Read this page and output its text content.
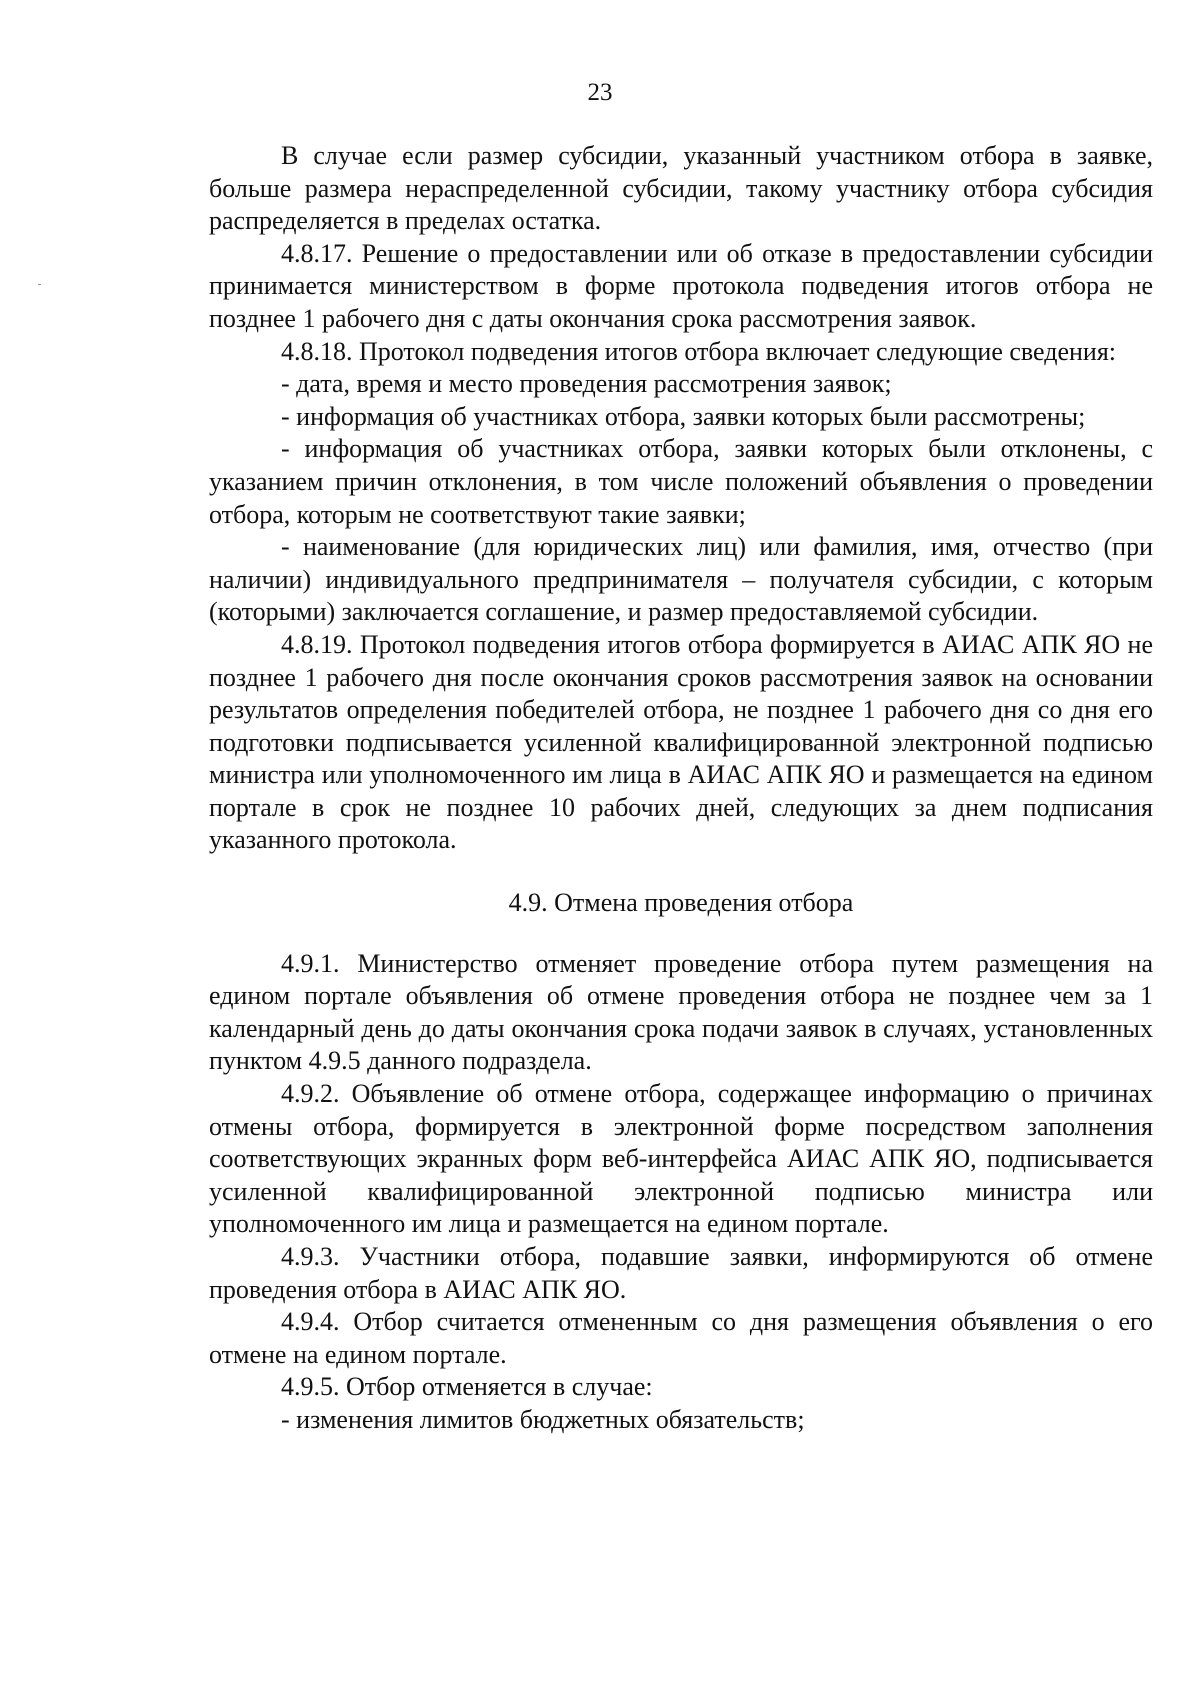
23

В случае если размер субсидии, указанный участником отбора в заявке, больше размера нераспределенной субсидии, такому участнику отбора субсидия распределяется в пределах остатка.

4.8.17. Решение о предоставлении или об отказе в предоставлении субсидии принимается министерством в форме протокола подведения итогов отбора не позднее 1 рабочего дня с даты окончания срока рассмотрения заявок.

4.8.18. Протокол подведения итогов отбора включает следующие сведения:

- дата, время и место проведения рассмотрения заявок;

- информация об участниках отбора, заявки которых были рассмотрены;

- информация об участниках отбора, заявки которых были отклонены, с указанием причин отклонения, в том числе положений объявления о проведении отбора, которым не соответствуют такие заявки;

- наименование (для юридических лиц) или фамилия, имя, отчество (при наличии) индивидуального предпринимателя – получателя субсидии, с которым (которыми) заключается соглашение, и размер предоставляемой субсидии.

4.8.19. Протокол подведения итогов отбора формируется в АИАС АПК ЯО не позднее 1 рабочего дня после окончания сроков рассмотрения заявок на основании результатов определения победителей отбора, не позднее 1 рабочего дня со дня его подготовки подписывается усиленной квалифицированной электронной подписью министра или уполномоченного им лица в АИАС АПК ЯО и размещается на едином портале в срок не позднее 10 рабочих дней, следующих за днем подписания указанного протокола.

4.9. Отмена проведения отбора

4.9.1. Министерство отменяет проведение отбора путем размещения на едином портале объявления об отмене проведения отбора не позднее чем за 1 календарный день до даты окончания срока подачи заявок в случаях, установленных пунктом 4.9.5 данного подраздела.

4.9.2. Объявление об отмене отбора, содержащее информацию о причинах отмены отбора, формируется в электронной форме посредством заполнения соответствующих экранных форм веб-интерфейса АИАС АПК ЯО, подписывается усиленной квалифицированной электронной подписью министра или уполномоченного им лица и размещается на едином портале.

4.9.3. Участники отбора, подавшие заявки, информируются об отмене проведения отбора в АИАС АПК ЯО.

4.9.4. Отбор считается отмененным со дня размещения объявления о его отмене на едином портале.

4.9.5. Отбор отменяется в случае:

- изменения лимитов бюджетных обязательств;
